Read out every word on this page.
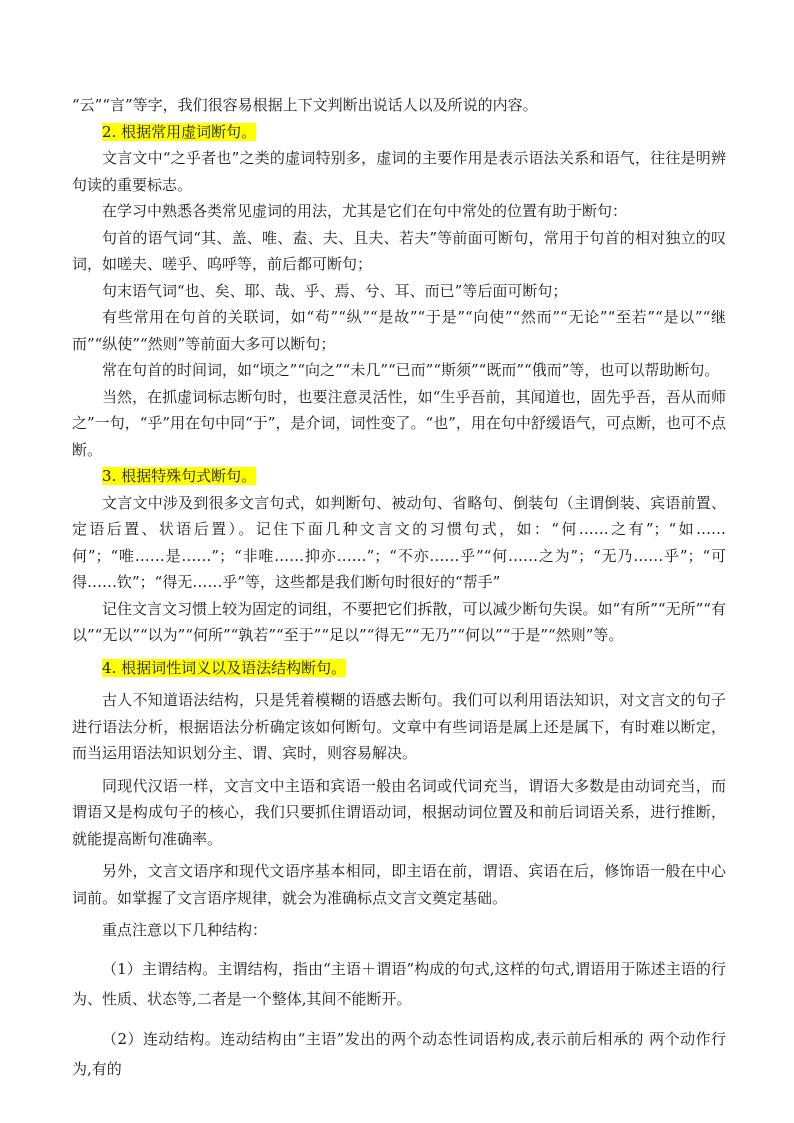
“云”“言”等字，我们很容易根据上下文判断出说话人以及所说的内容。

2. 根据常用虚词断句。

文言文中“之乎者也”之类的虚词特别多，虚词的主要作用是表示语法关系和语气，往往是明辨句读的重要标志。

在学习中熟悉各类常见虚词的用法，尤其是它们在句中常处的位置有助于断句：

句首的语气词“其、盖、唯、盍、夫、且夫、若夫”等前面可断句，常用于句首的相对独立的叹词，如嗟夫、嗟乎、呜呼等，前后都可断句；

句末语气词“也、矣、耶、哉、乎、焉、兮、耳、而已”等后面可断句；

有些常用在句首的关联词，如“苟”“纵”“是故”“于是”“向使”“然而”“无论”“至若”“是以”“继而”“纵使”“然则”等前面大多可以断句；

常在句首的时间词，如“顷之”“向之”“未几”“已而”“斯须”“既而”“俄而”等，也可以帮助断句。

当然，在抓虚词标志断句时，也要注意灵活性，如“生乎吾前，其闻道也，固先乎吾，吾从而师之”一句，“乎”用在句中同“于”，是介词，词性变了。“也”，用在句中舒缓语气，可点断，也可不点断。

3. 根据特殊句式断句。

文言文中涉及到很多文言句式，如判断句、被动句、省略句、倒装句（主谓倒装、宾语前置、定语后置、状语后置）。记住下面几种文言文的习惯句式，如：“何……之有”；“如……何”；“唯……是……”；“非唯……抑亦……”；“不亦……乎”“何……之为”；“无乃……乎”；“可得……钦”；“得无……乎”等，这些都是我们断句时很好的“帮手”

记住文言文习惯上较为固定的词组，不要把它们拆散，可以减少断句失误。如“有所”“无所”“有以”“无以”“以为”“何所”“孰若”“至于”“足以”“得无”“无乃”“何以”“于是”“然则”等。

4. 根据词性词义以及语法结构断句。

古人不知道语法结构，只是凭着模糊的语感去断句。我们可以利用语法知识，对文言文的句子进行语法分析，根据语法分析确定该如何断句。文章中有些词语是属上还是属下，有时难以断定，而当运用语法知识划分主、谓、宾时，则容易解决。

同现代汉语一样，文言文中主语和宾语一般由名词或代词充当，谓语大多数是由动词充当，而谓语又是构成句子的核心，我们只要抓住谓语动词，根据动词位置及和前后词语关系，进行推断，就能提高断句准确率。

另外，文言文语序和现代文语序基本相同，即主语在前，谓语、宾语在后，修饰语一般在中心词前。如掌握了文言语序规律，就会为准确标点文言文奠定基础。

重点注意以下几种结构：

（1）主谓结构。主谓结构，指由“主语＋谓语”构成的句式,这样的句式,谓语用于陈述主语的行为、性质、状态等,二者是一个整体,其间不能断开。

（2）连动结构。连动结构由“主语”发出的两个动态性词语构成,表示前后相承的 两个动作行为,有的
